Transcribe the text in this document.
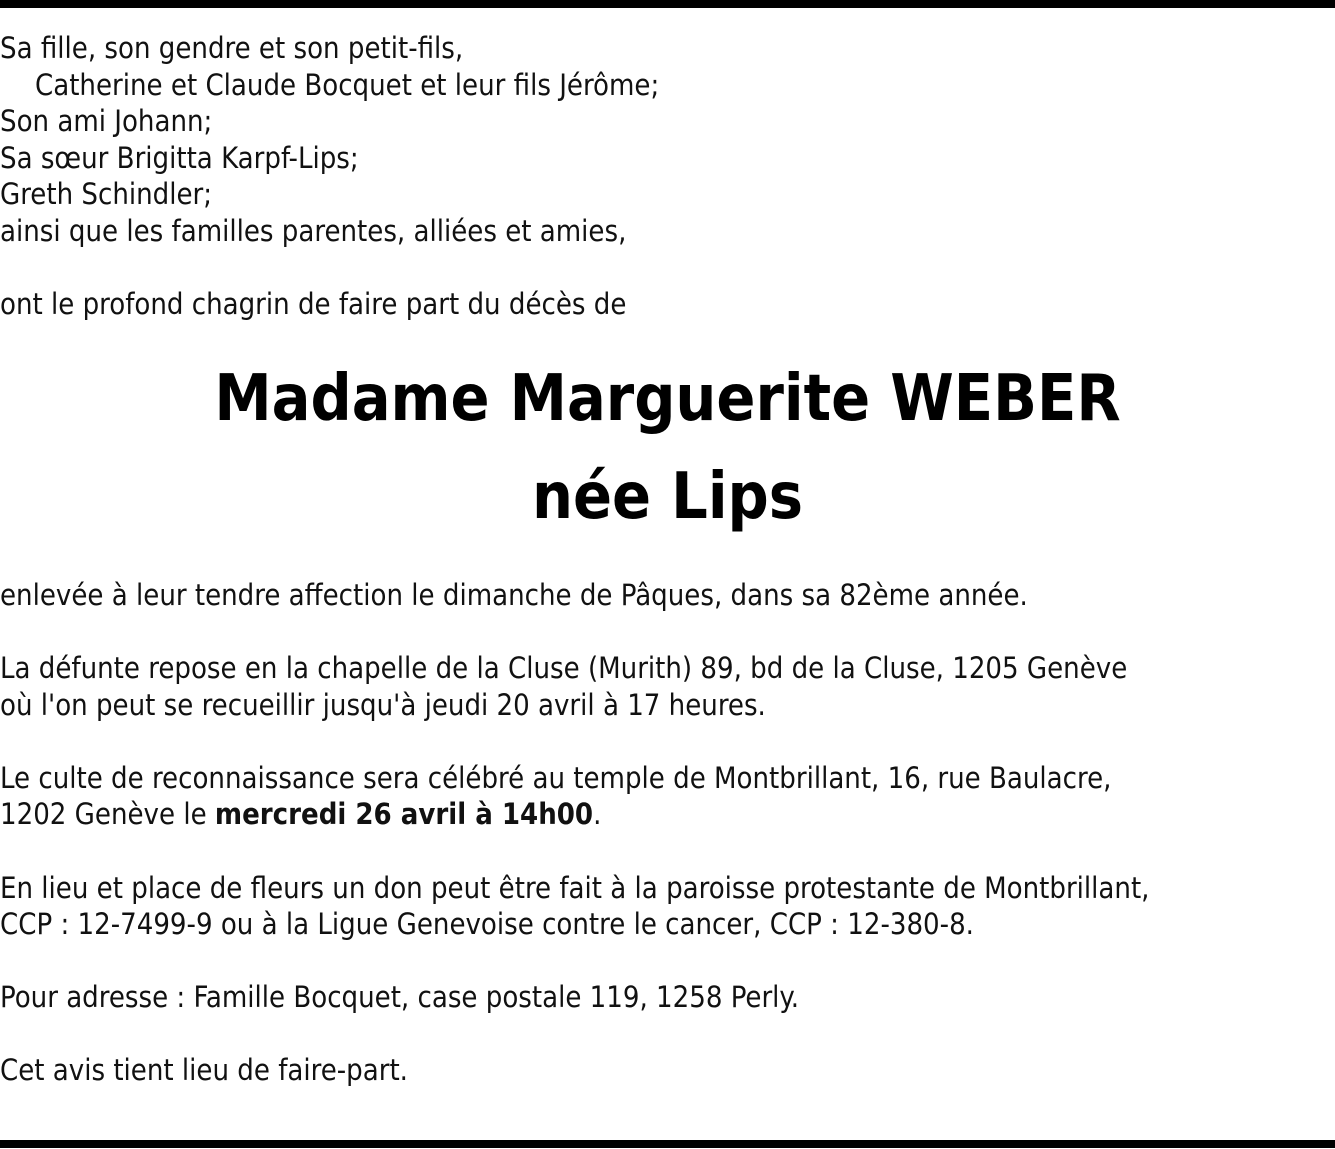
Sa fille, son gendre et son petit-fils,
Catherine et Claude Bocquet et leur fils Jérôme;
Son ami Johann;
Sa sœur Brigitta Karpf-Lips;
Greth Schindler;
ainsi que les familles parentes, alliées et amies,
ont le profond chagrin de faire part du décès de
Madame Marguerite WEBER
née Lips
enlevée à leur tendre affection le dimanche de Pâques, dans sa 82ème année.
La défunte repose en la chapelle de la Cluse (Murith) 89, bd de la Cluse, 1205 Genève
où l'on peut se recueillir jusqu'à jeudi 20 avril à 17 heures.
Le culte de reconnaissance sera célébré au temple de Montbrillant, 16, rue Baulacre,
1202 Genève le mercredi 26 avril à 14h00.
En lieu et place de fleurs un don peut être fait à la paroisse protestante de Montbrillant,
CCP : 12-7499-9 ou à la Ligue Genevoise contre le cancer, CCP : 12-380-8.
Pour adresse : Famille Bocquet, case postale 119, 1258 Perly.
Cet avis tient lieu de faire-part.
